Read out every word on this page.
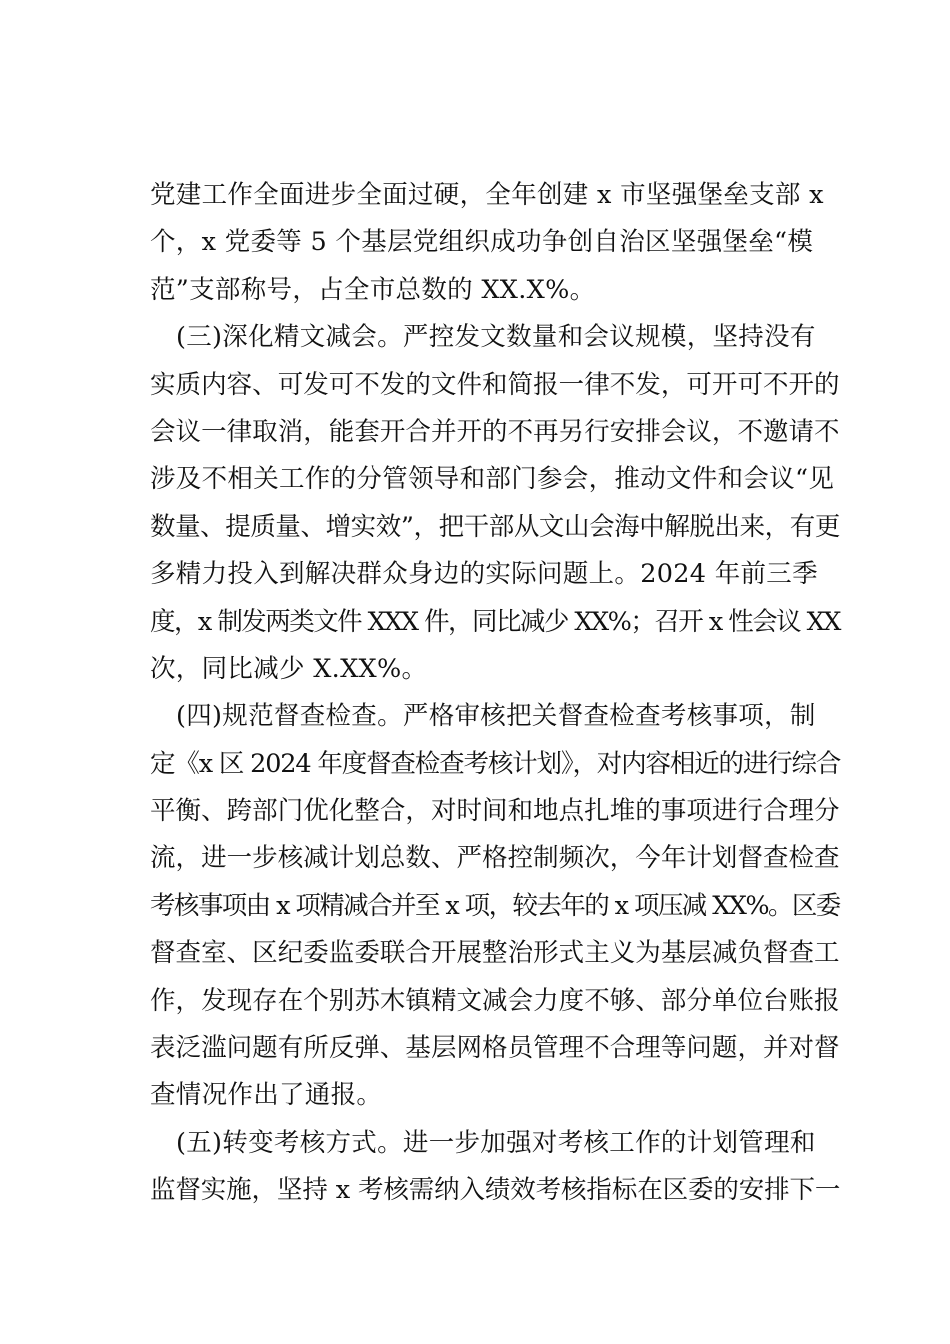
党建工作全面进步全面过硬，全年创建 x 市坚强堡垒支部 x
个，x 党委等 5 个基层党组织成功争创自治区坚强堡垒“模
范”支部称号，占全市总数的 XX.X%。
(三)深化精文减会。严控发文数量和会议规模，坚持没有
实质内容、可发可不发的文件和简报一律不发，可开可不开的
会议一律取消，能套开合并开的不再另行安排会议，不邀请不
涉及不相关工作的分管领导和部门参会，推动文件和会议“见
数量、提质量、增实效”，把干部从文山会海中解脱出来，有更
多精力投入到解决群众身边的实际问题上。2024 年前三季
度，x 制发两类文件 XXX 件，同比减少 XX%；召开 x 性会议 XX
次，同比减少 X.XX%。
(四)规范督查检查。严格审核把关督查检查考核事项，制
定《x 区 2024 年度督查检查考核计划》，对内容相近的进行综合
平衡、跨部门优化整合，对时间和地点扎堆的事项进行合理分
流，进一步核减计划总数、严格控制频次，今年计划督查检查
考核事项由 x 项精减合并至 x 项，较去年的 x 项压减 XX%。区委
督查室、区纪委监委联合开展整治形式主义为基层减负督查工
作，发现存在个别苏木镇精文减会力度不够、部分单位台账报
表泛滥问题有所反弹、基层网格员管理不合理等问题，并对督
查情况作出了通报。
(五)转变考核方式。进一步加强对考核工作的计划管理和
监督实施，坚持 x 考核需纳入绩效考核指标在区委的安排下一
